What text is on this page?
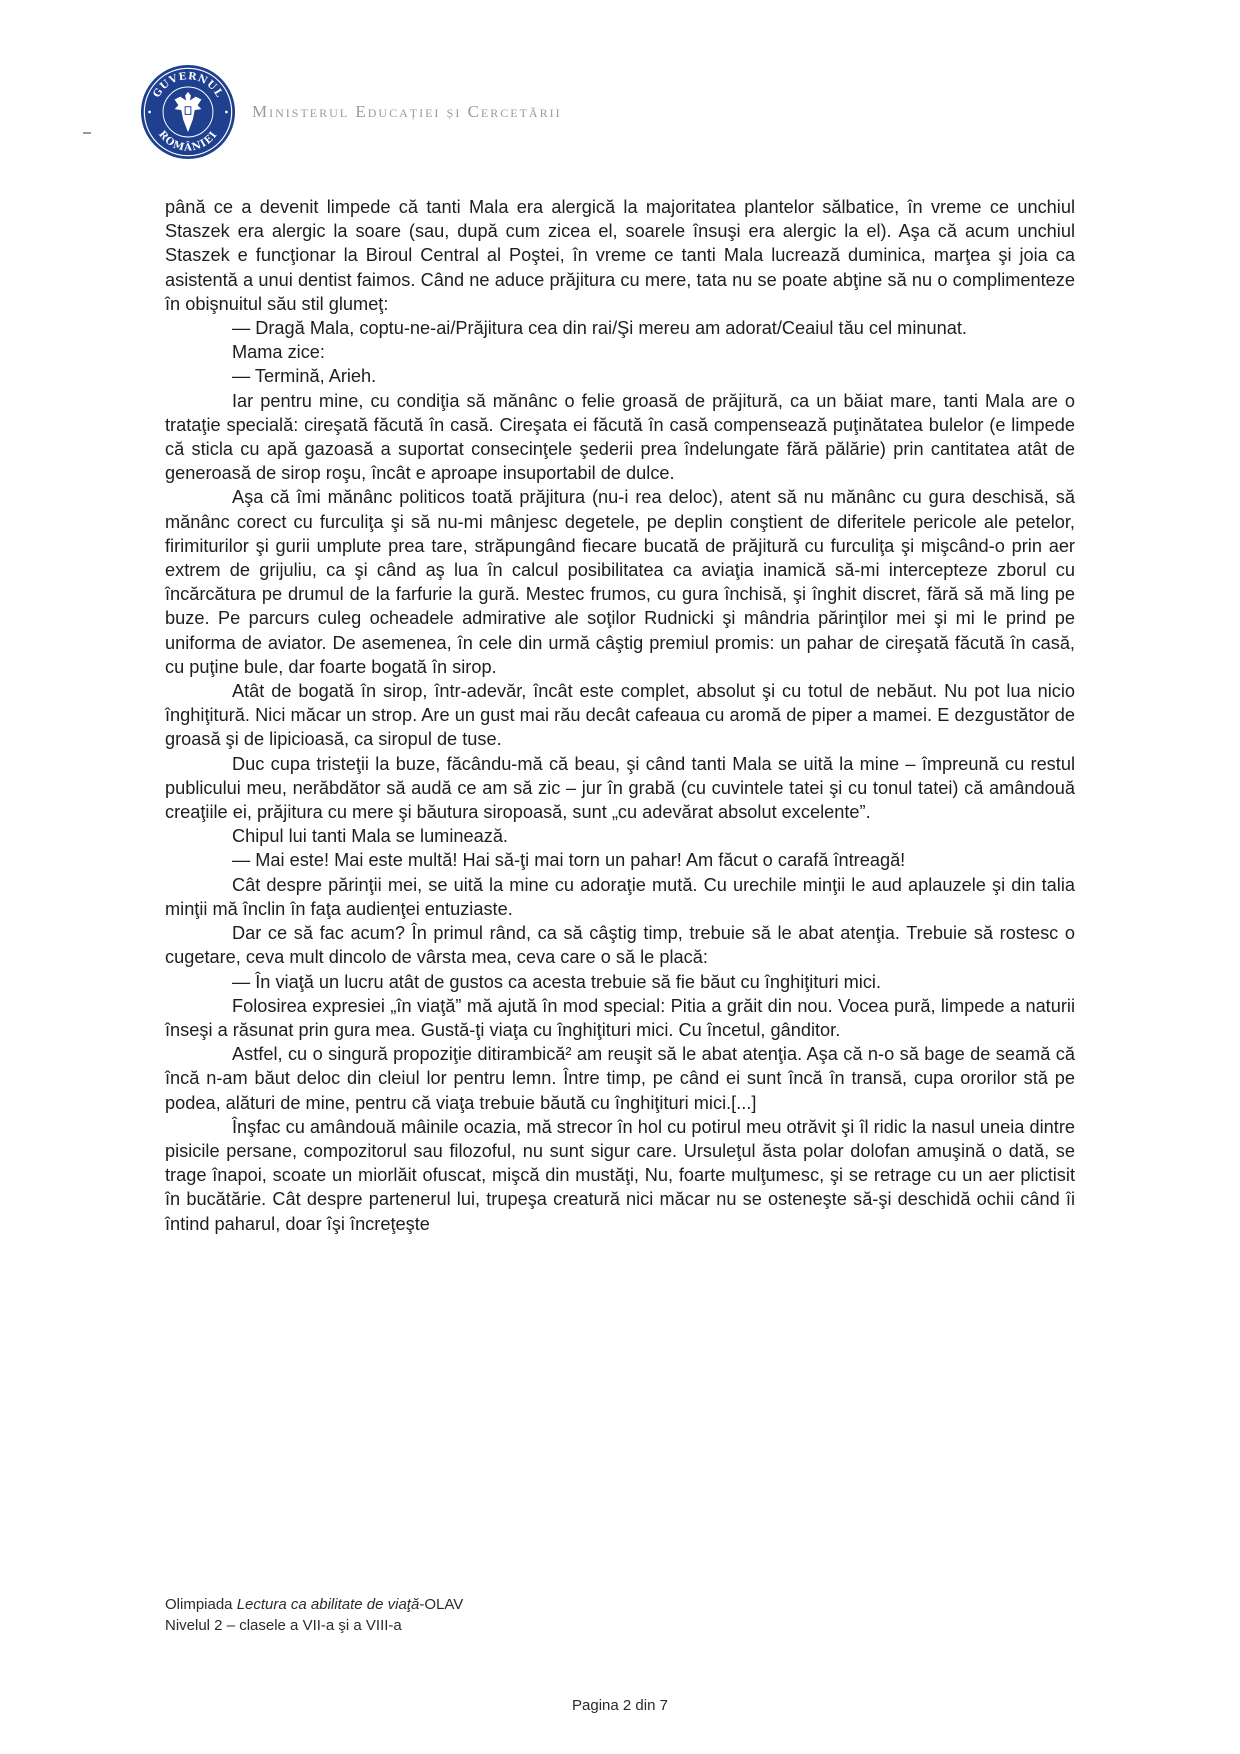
GUVERNUL
ROMÂNIEI
Ministerul Educației și Cercetării

până ce a devenit limpede că tanti Mala era alergică la majoritatea plantelor sălbatice, în vreme ce unchiul Staszek era alergic la soare (sau, după cum zicea el, soarele însuşi era alergic la el). Aşa că acum unchiul Staszek e funcţionar la Biroul Central al Poştei, în vreme ce tanti Mala lucrează duminica, marţea şi joia ca asistentă a unui dentist faimos. Când ne aduce prăjitura cu mere, tata nu se poate abţine să nu o complimenteze în obişnuitul său stil glumeţ:

— Dragă Mala, coptu-ne-ai/Prăjitura cea din rai/Şi mereu am adorat/Ceaiul tău cel minunat.

Mama zice:

— Termină, Arieh.

Iar pentru mine, cu condiţia să mănânc o felie groasă de prăjitură, ca un băiat mare, tanti Mala are o trataţie specială: cireşată făcută în casă. Cireşata ei făcută în casă compensează puţinătatea bulelor (e limpede că sticla cu apă gazoasă a suportat consecinţele şederii prea îndelungate fără pălărie) prin cantitatea atât de generoasă de sirop roşu, încât e aproape insuportabil de dulce.

Aşa că îmi mănânc politicos toată prăjitura (nu-i rea deloc), atent să nu mănânc cu gura deschisă, să mănânc corect cu furculiţa şi să nu-mi mânjesc degetele, pe deplin conştient de diferitele pericole ale petelor, firimiturilor şi gurii umplute prea tare, străpungând fiecare bucată de prăjitură cu furculiţa şi mişcând-o prin aer extrem de grijuliu, ca şi când aş lua în calcul posibilitatea ca aviaţia inamică să-mi intercepteze zborul cu încărcătura pe drumul de la farfurie la gură. Mestec frumos, cu gura închisă, şi înghit discret, fără să mă ling pe buze. Pe parcurs culeg ocheadele admirative ale soţilor Rudnicki şi mândria părinţilor mei şi mi le prind pe uniforma de aviator. De asemenea, în cele din urmă câştig premiul promis: un pahar de cireşată făcută în casă, cu puţine bule, dar foarte bogată în sirop.

Atât de bogată în sirop, într-adevăr, încât este complet, absolut şi cu totul de nebăut. Nu pot lua nicio înghiţitură. Nici măcar un strop. Are un gust mai rău decât cafeaua cu aromă de piper a mamei. E dezgustător de groasă şi de lipicioasă, ca siropul de tuse.

Duc cupa tristeţii la buze, făcându-mă că beau, şi când tanti Mala se uită la mine – împreună cu restul publicului meu, nerăbdător să audă ce am să zic – jur în grabă (cu cuvintele tatei şi cu tonul tatei) că amândouă creaţiile ei, prăjitura cu mere şi băutura siropoasă, sunt „cu adevărat absolut excelente”.

Chipul lui tanti Mala se luminează.

— Mai este! Mai este multă! Hai să-ţi mai torn un pahar! Am făcut o carafă întreagă!

Cât despre părinţii mei, se uită la mine cu adoraţie mută. Cu urechile minţii le aud aplauzele şi din talia minţii mă înclin în faţa audienţei entuziaste.

Dar ce să fac acum? În primul rând, ca să câştig timp, trebuie să le abat atenţia. Trebuie să rostesc o cugetare, ceva mult dincolo de vârsta mea, ceva care o să le placă:

— În viaţă un lucru atât de gustos ca acesta trebuie să fie băut cu înghiţituri mici.

Folosirea expresiei „în viaţă” mă ajută în mod special: Pitia a grăit din nou. Vocea pură, limpede a naturii înseşi a răsunat prin gura mea. Gustă-ţi viaţa cu înghiţituri mici. Cu încetul, gânditor.

Astfel, cu o singură propoziţie ditirambică² am reuşit să le abat atenţia. Aşa că n-o să bage de seamă că încă n-am băut deloc din cleiul lor pentru lemn. Între timp, pe când ei sunt încă în transă, cupa ororilor stă pe podea, alături de mine, pentru că viaţa trebuie băută cu înghiţituri mici.[...]

Înşfac cu amândouă mâinile ocazia, mă strecor în hol cu potirul meu otrăvit şi îl ridic la nasul uneia dintre pisicile persane, compozitorul sau filozoful, nu sunt sigur care. Ursuleţul ăsta polar dolofan amuşină o dată, se trage înapoi, scoate un miorlăit ofuscat, mişcă din mustăţi, Nu, foarte mulţumesc, şi se retrage cu un aer plictisit în bucătărie. Cât despre partenerul lui, trupeşa creatură nici măcar nu se osteneşte să-şi deschidă ochii când îi întind paharul, doar îşi încreţeşte

Olimpiada Lectura ca abilitate de viaţă-OLAV
Nivelul 2 – clasele a VII-a şi a VIII-a
Pagina 2 din 7
